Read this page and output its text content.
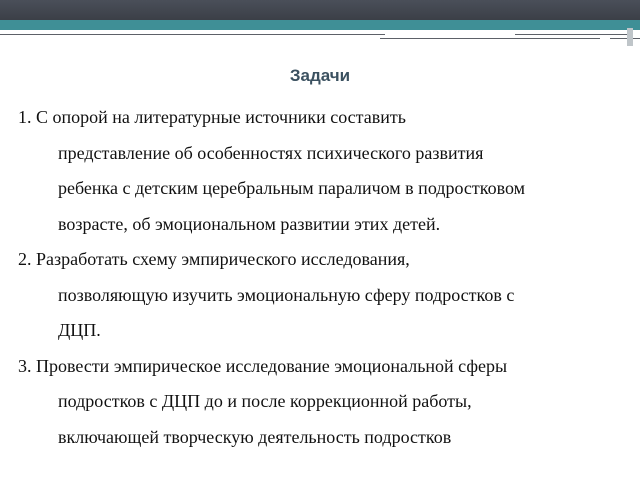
Задачи
1. С опорой на литературные источники составить

представление об особенностях психического развития
ребенка с детским церебральным параличом в подростковом
возрасте, об эмоциональном развитии этих детей.
2. Разработать схему эмпирического исследования,

позволяющую изучить эмоциональную сферу подростков с
ДЦП.
3. Провести эмпирическое исследование эмоциональной сферы

подростков с ДЦП до и после коррекционной работы,
включающей творческую деятельность подростков
